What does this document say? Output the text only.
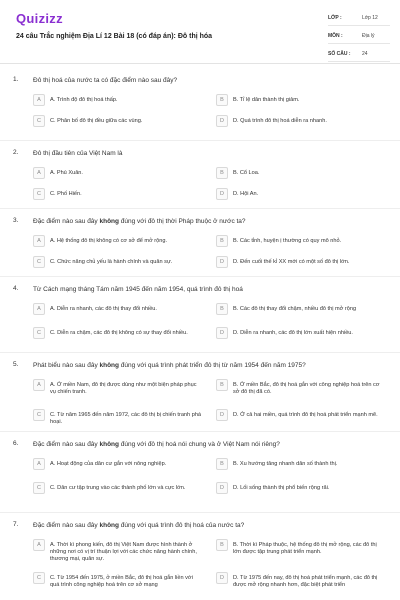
Quizizz
24 câu Trắc nghiệm Địa Lí 12 Bài 18 (có đáp án): Đô thị hóa
LỚP :	Lớp 12
MÔN :	Địa lý
SỐ CÂU :	24
1. Đô thị hoá của nước ta có đặc điểm nào sau đây?
A	A. Trình độ đô thị hoá thấp.	B	B. Tỉ lệ dân thành thị giảm.
C	C. Phân bố đô thị đều giữa các vùng.	D	D. Quá trình đô thị hoá diễn ra nhanh.
2. Đô thị đầu tiên của Việt Nam là
A	A. Phú Xuân.	B	B. Cổ Loa.
C	C. Phố Hiến.	D	D. Hội An.
3. Đặc điểm nào sau đây không đúng với đô thị thời Pháp thuộc ở nước ta?
A	A. Hệ thống đô thị không có cơ sở để mở rộng.	B	B. Các tỉnh, huyện ị thường có quy mô nhỏ.
C	C. Chức năng chủ yếu là hành chính và quân sự.	D	D. Đến cuối thế kỉ XX mới có một số đô thị lớn.
4. Từ Cách mạng tháng Tám năm 1945 đến năm 1954, quá trình đô thị hoá
A	A. Diễn ra nhanh, các đô thị thay đổi nhiều.	B	B. Các đô thị thay đổi chậm, nhiều đô thị mở rộng
C	C. Diễn ra chậm, các đô thị không có sự thay đổi nhiều.	D	D. Diễn ra nhanh, các đô thị lớn xuất hiện nhiều.
5. Phát biểu nào sau đây không đúng với quá trình phát triển đô thị từ năm 1954 đến năm 1975?
A	A. Ở miền Nam, đô thị được dùng như một biện pháp phục vụ chiến tranh.
B	B. Ở miền Bắc, đô thị hoá gắn với công nghiệp hoá trên cơ sở đô thị đã có.
C	C. Từ năm 1965 đến năm 1972, các đô thị bị chiến tranh phá hoại.
D	D. Ở cả hai miền, quá trình đô thị hoá phát triển mạnh mẽ.
6. Đặc điểm nào sau đây không đúng với đô thị hoá nói chung và ở Việt Nam nói riêng?
A	A. Hoạt động của dân cư gắn với nông nghiệp.	B	B. Xu hướng tăng nhanh dân số thành thị.
C	C. Dân cư tập trung vào các thành phố lớn và cực lớn.	D	D. Lối sống thành thị phổ biến rộng rãi.
7. Đặc điểm nào sau đây không đúng với quá trình đô thị hoá của nước ta?
A	A. Thời kì phong kiến, đô thị Việt Nam được hình thành ở những nơi có vị trí thuận lợi với các chức năng hành chính, thương mại, quân sự.
B	B. Thời kì Pháp thuộc, hệ thống đô thị mở rộng, các đô thị lớn được tập trung phát triển mạnh.
C	C. Từ 1954 đến 1975, ở miền Bắc, đô thị hoá gắn liền với quá trình công nghiệp hoá trên cơ sở mạng
D	D. Từ 1975 đến nay, đô thị hoá phát triển mạnh, các đô thị được mở rộng nhanh hơn, đặc biệt phát triển
